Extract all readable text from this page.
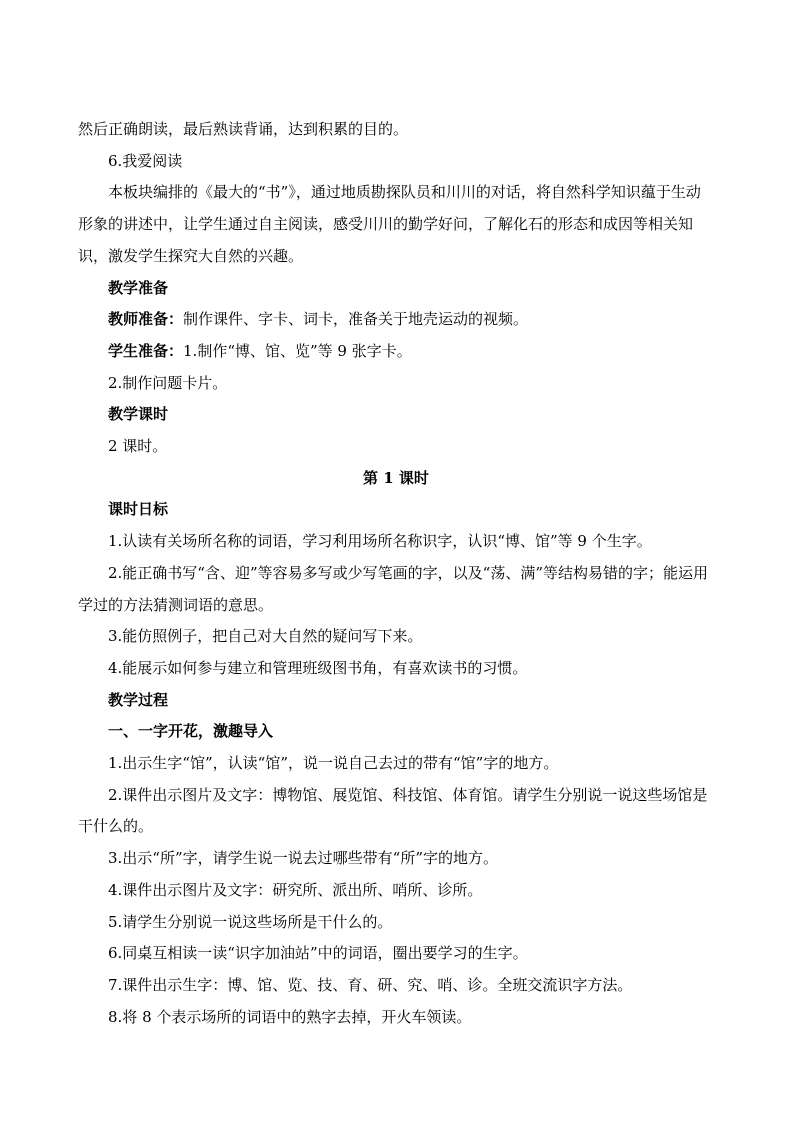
然后正确朗读，最后熟读背诵，达到积累的目的。

6.我爱阅读

本板块编排的《最大的“书”》，通过地质勘探队员和川川的对话，将自然科学知识蕴于生动形象的讲述中，让学生通过自主阅读，感受川川的勤学好问，了解化石的形态和成因等相关知识，激发学生探究大自然的兴趣。

教学准备

教师准备：制作课件、字卡、词卡，准备关于地壳运动的视频。

学生准备：1.制作“博、馆、览”等 9 张字卡。

2.制作问题卡片。

教学课时

2 课时。

第 1 课时

课时日标

1.认读有关场所名称的词语，学习利用场所名称识字，认识“博、馆”等 9 个生字。

2.能正确书写“含、迎”等容易多写或少写笔画的字，以及“荡、满”等结构易错的字；能运用学过的方法猜测词语的意思。

3.能仿照例子，把自己对大自然的疑问写下来。

4.能展示如何参与建立和管理班级图书角，有喜欢读书的习惯。

教学过程

一、一字开花，激趣导入

1.出示生字“馆”，认读“馆”，说一说自己去过的带有“馆”字的地方。

2.课件出示图片及文字：博物馆、展览馆、科技馆、体育馆。请学生分别说一说这些场馆是干什么的。

3.出示“所”字，请学生说一说去过哪些带有“所”字的地方。

4.课件出示图片及文字：研究所、派出所、哨所、诊所。

5.请学生分别说一说这些场所是干什么的。

6.同桌互相读一读“识字加油站”中的词语，圈出要学习的生字。

7.课件出示生字：博、馆、览、技、育、研、究、哨、诊。全班交流识字方法。

8.将 8 个表示场所的词语中的熟字去掉，开火车领读。
